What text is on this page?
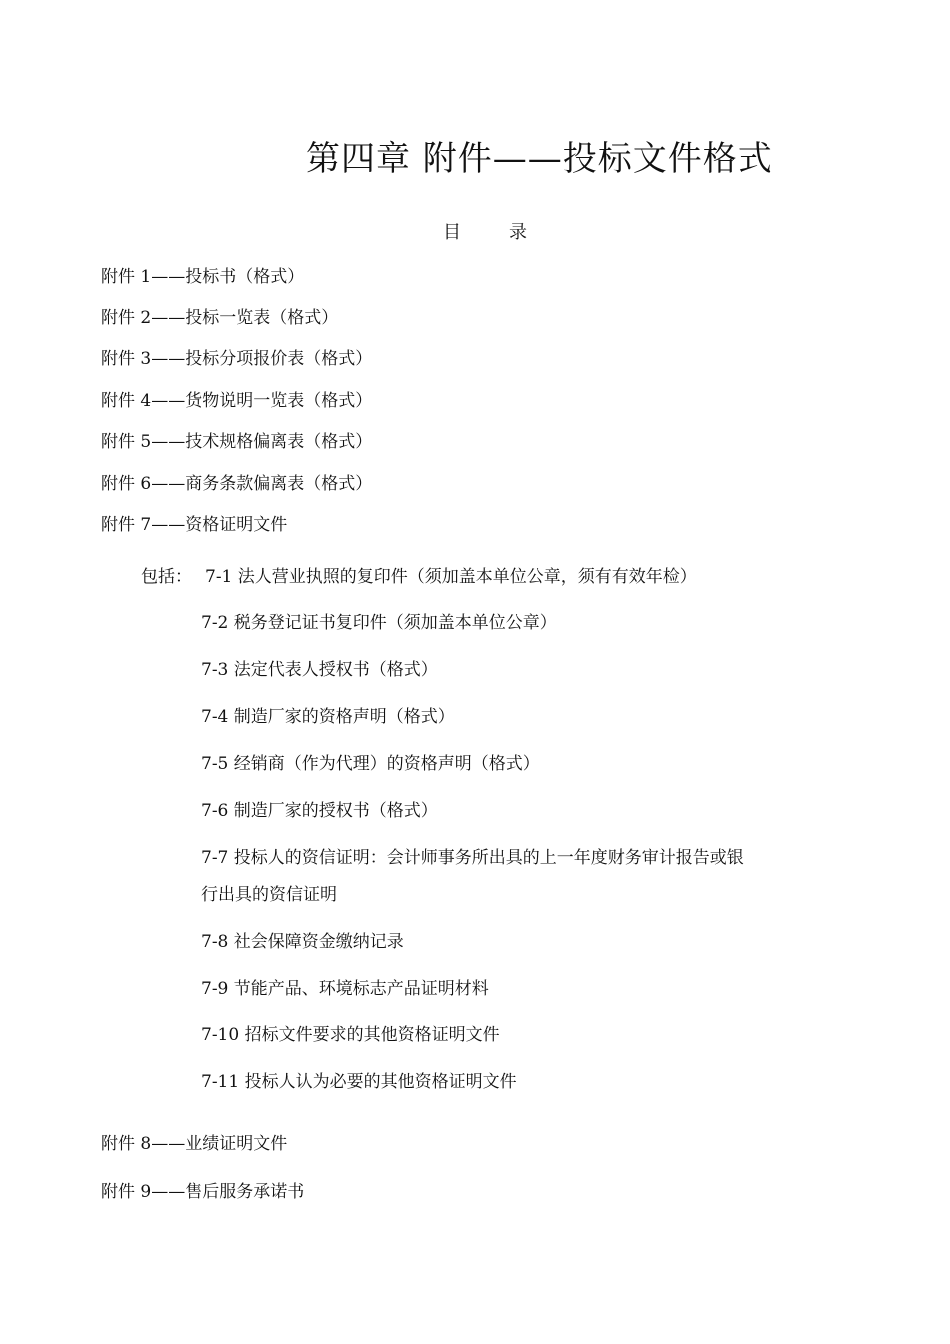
第四章 附件——投标文件格式
目	录
附件 1——投标书（格式）
附件 2——投标一览表（格式）
附件 3——投标分项报价表（格式）
附件 4——货物说明一览表（格式）
附件 5——技术规格偏离表（格式）
附件 6——商务条款偏离表（格式）
附件 7——资格证明文件
包括： 7-1 法人营业执照的复印件（须加盖本单位公章，须有有效年检）
7-2 税务登记证书复印件（须加盖本单位公章）
7-3 法定代表人授权书（格式）
7-4 制造厂家的资格声明（格式）
7-5 经销商（作为代理）的资格声明（格式）
7-6 制造厂家的授权书（格式）
7-7 投标人的资信证明：会计师事务所出具的上一年度财务审计报告或银
行出具的资信证明
7-8 社会保障资金缴纳记录
7-9 节能产品、环境标志产品证明材料
7-10 招标文件要求的其他资格证明文件
7-11 投标人认为必要的其他资格证明文件
附件 8——业绩证明文件
附件 9——售后服务承诺书
